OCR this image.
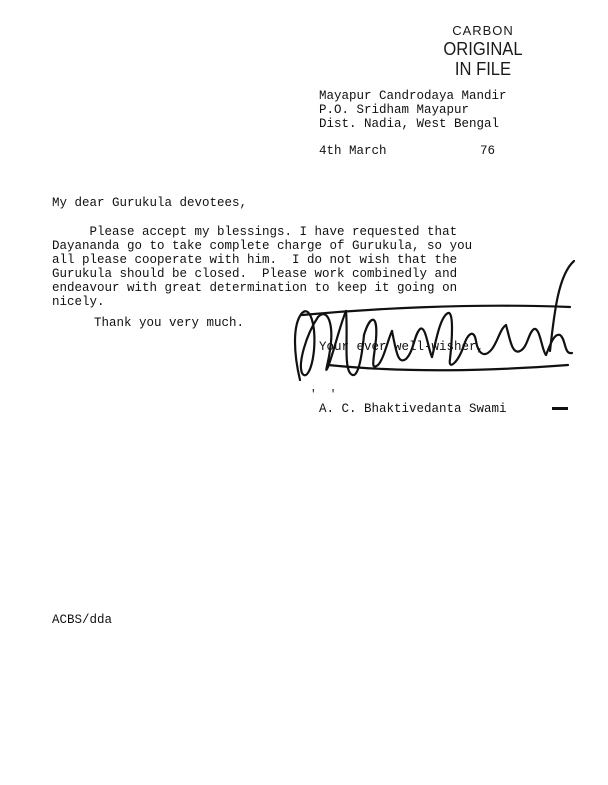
CARBON
ORIGINAL
IN FILE
Mayapur Candrodaya Mandir
P.O. Sridham Mayapur
Dist. Nadia, West Bengal
4th March	76
My dear Gurukula devotees,
Please accept my blessings. I have requested that
Dayananda go to take complete charge of Gurukula, so you
all please cooperate with him.  I do not wish that the
Gurukula should be closed.  Please work combinedly and
endeavour with great determination to keep it going on
nicely.
Thank you very much.
Your ever well-wisher,
'  '
A. C. Bhaktivedanta Swami
ACBS/dda
